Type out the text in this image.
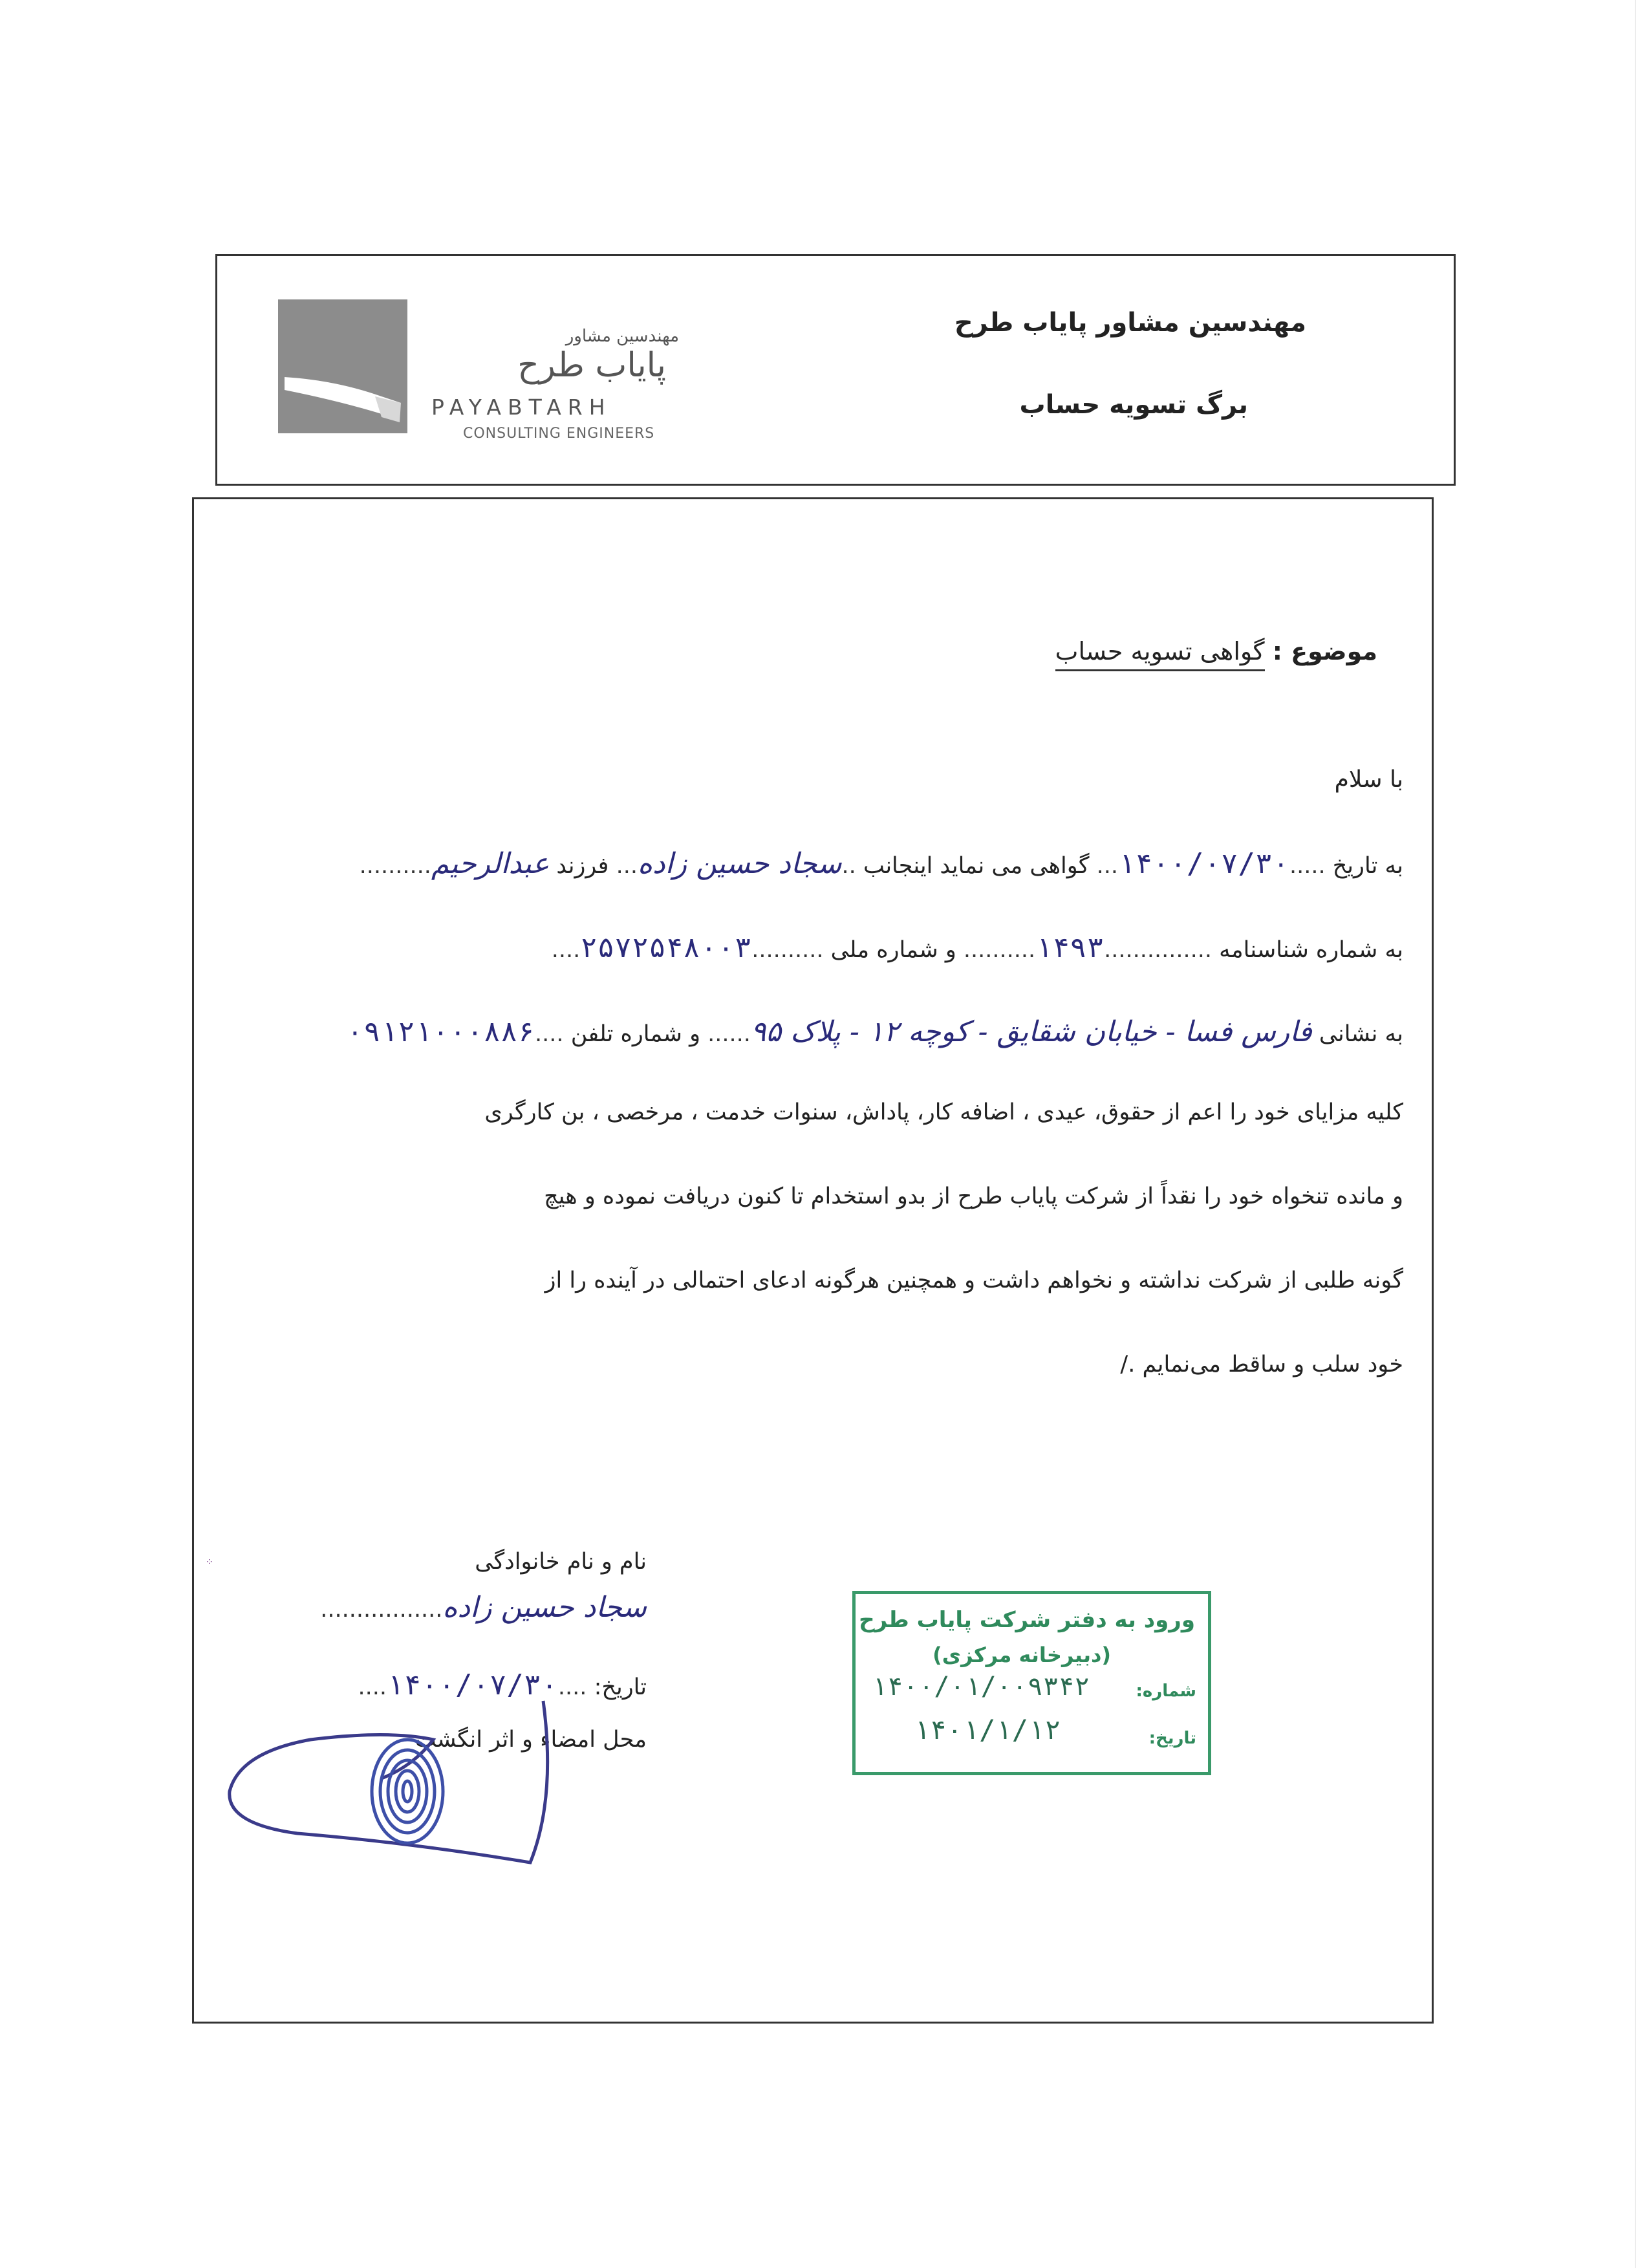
مهندسین مشاور
پایاب طرح
PAYABTARH
CONSULTING ENGINEERS
مهندسین مشاور پایاب طرح
برگ تسویه حساب
موضوع : گواهی تسویه حساب
با سلام
به تاریخ .....۱۴۰۰/۰۷/۳۰... گواهی می نماید اینجانب ..سجاد حسین زاده... فرزند عبدالرحیم..........
به شماره شناسنامه ...............۱۴۹۳.......... و شماره ملی ..........۲۵۷۲۵۴۸۰۰۳....
به نشانی فارس فسا - خیابان شقایق - کوچه ۱۲ - پلاک ۹۵...... و شماره تلفن ....۰۹۱۲۱۰۰۰۸۸۶
کلیه مزایای خود را اعم از حقوق، عیدی ، اضافه کار، پاداش، سنوات خدمت ، مرخصی ، بن کارگری
و مانده تنخواه خود را نقداً از شرکت پایاب طرح از بدو استخدام تا کنون دریافت نموده و هیچ
گونه طلبی از شرکت نداشته و نخواهم داشت و همچنین هرگونه ادعای احتمالی در آینده را از
خود سلب و ساقط می‌نمایم ./
⁘	نام و نام خانوادگی
سجاد حسین زاده.................
تاریخ: ....۱۴۰۰/۰۷/۳۰....
محل امضاء و اثر انگشت
ورود به دفتر شرکت پایاب طرح
(دبیرخانه مرکزی)
شماره:
۱۴۰۰/۰۱/۰۰۹۳۴۲
تاریخ:
۱۴۰۱/۱/۱۲
